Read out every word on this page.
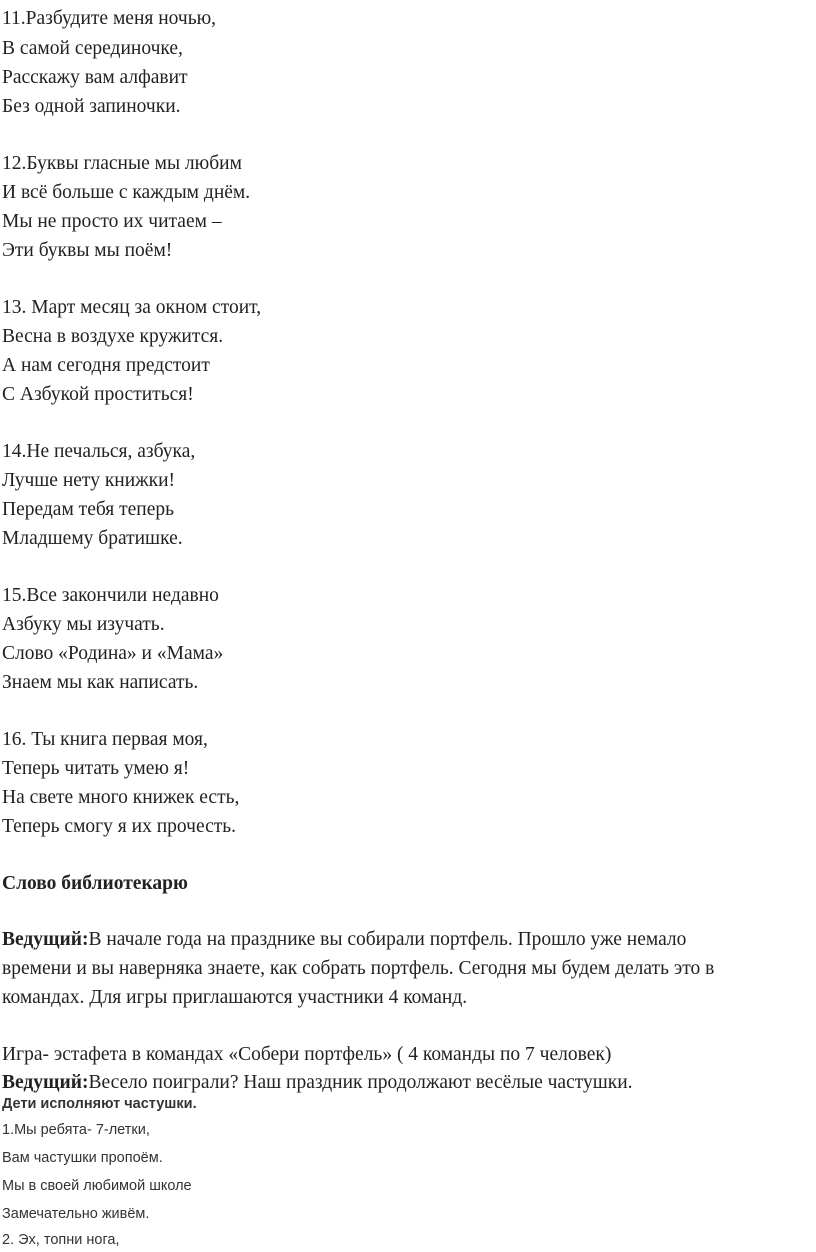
11.Разбудите меня ночью,
В самой серединочке,
Расскажу вам алфавит
Без одной запиночки.
12.Буквы гласные мы любим
И всё больше с каждым днём.
Мы не просто их читаем –
Эти буквы мы поём!
13. Март месяц за окном стоит,
Весна в воздухе кружится.
А нам сегодня предстоит
С Азбукой проститься!
14.Не печалься, азбука,
Лучше нету книжки!
Передам тебя теперь
Младшему братишке.
15.Все закончили недавно
Азбуку мы изучать.
Слово «Родина» и «Мама»
Знаем мы как написать.
16. Ты книга первая моя,
Теперь читать умею я!
На свете много книжек есть,
Теперь смогу я их прочесть.
Слово библиотекарю
Ведущий:В начале года на празднике вы собирали портфель. Прошло уже немало
времени и вы наверняка знаете, как собрать портфель. Сегодня мы будем делать это в
командах. Для игры приглашаются участники 4 команд.
Игра- эстафета в командах «Собери портфель» ( 4 команды по 7 человек)
Ведущий:Весело поиграли? Наш праздник продолжают весёлые частушки.
Дети исполняют частушки.
1.Мы ребята- 7-летки,
Вам частушки пропоём.
Мы в своей любимой школе
Замечательно живём.
2. Эх, топни нога,
